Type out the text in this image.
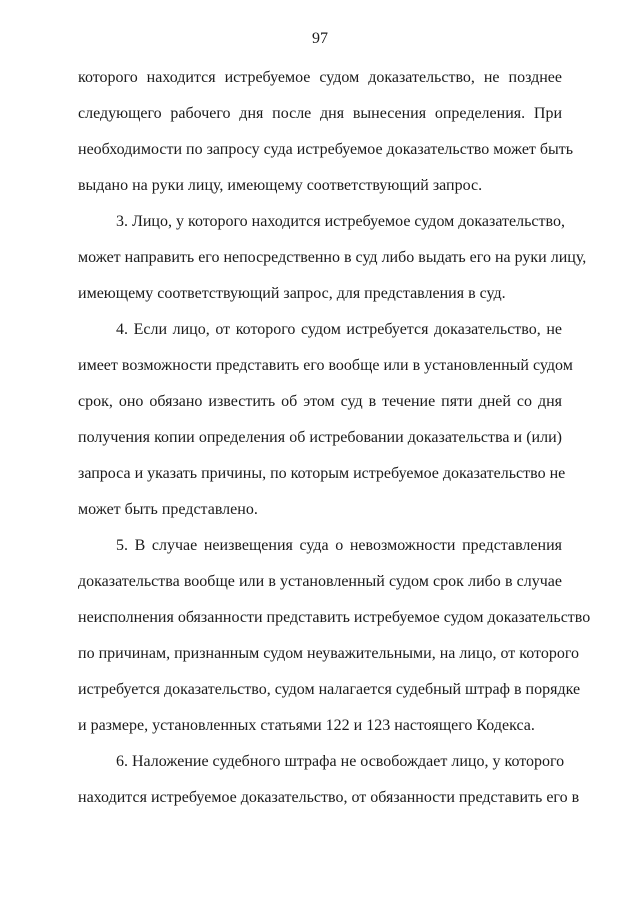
97
которого находится истребуемое судом доказательство, не позднее
следующего рабочего дня после дня вынесения определения. При
необходимости по запросу суда истребуемое доказательство может быть
выдано на руки лицу, имеющему соответствующий запрос.
3. Лицо, у которого находится истребуемое судом доказательство,
может направить его непосредственно в суд либо выдать его на руки лицу,
имеющему соответствующий запрос, для представления в суд.
4. Если лицо, от которого судом истребуется доказательство, не
имеет возможности представить его вообще или в установленный судом
срок, оно обязано известить об этом суд в течение пяти дней со дня
получения копии определения об истребовании доказательства и (или)
запроса и указать причины, по которым истребуемое доказательство не
может быть представлено.
5. В случае неизвещения суда о невозможности представления
доказательства вообще или в установленный судом срок либо в случае
неисполнения обязанности представить истребуемое судом доказательство
по причинам, признанным судом неуважительными, на лицо, от которого
истребуется доказательство, судом налагается судебный штраф в порядке
и размере, установленных статьями 122 и 123 настоящего Кодекса.
6. Наложение судебного штрафа не освобождает лицо, у которого
находится истребуемое доказательство, от обязанности представить его в
